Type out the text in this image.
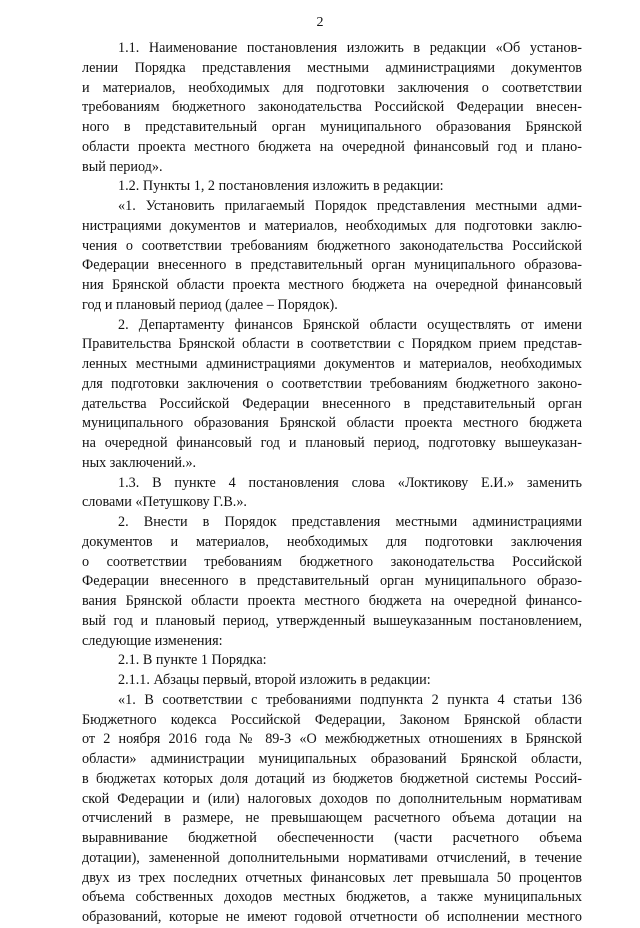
2
1.1. Наименование постановления изложить в редакции «Об установ-
лении Порядка представления местными администрациями документов
и материалов, необходимых для подготовки заключения о соответствии
требованиям бюджетного законодательства Российской Федерации внесен-
ного в представительный орган муниципального образования Брянской
области проекта местного бюджета на очередной финансовый год и плано-
вый период».
1.2. Пункты 1, 2 постановления изложить в редакции:
«1. Установить прилагаемый Порядок представления местными адми-
нистрациями документов и материалов, необходимых для подготовки заклю-
чения о соответствии требованиям бюджетного законодательства Российской
Федерации внесенного в представительный орган муниципального образова-
ния Брянской области проекта местного бюджета на очередной финансовый
год и плановый период (далее – Порядок).
2. Департаменту финансов Брянской области осуществлять от имени
Правительства Брянской области в соответствии с Порядком прием представ-
ленных местными администрациями документов и материалов, необходимых
для подготовки заключения о соответствии требованиям бюджетного законо-
дательства Российской Федерации внесенного в представительный орган
муниципального образования Брянской области проекта местного бюджета
на очередной финансовый год и плановый период, подготовку вышеуказан-
ных заключений.».
1.3. В пункте 4 постановления слова «Локтикову Е.И.» заменить
словами «Петушкову Г.В.».
2. Внести в Порядок представления местными администрациями
документов и материалов, необходимых для подготовки заключения
о соответствии требованиям бюджетного законодательства Российской
Федерации внесенного в представительный орган муниципального образо-
вания Брянской области проекта местного бюджета на очередной финансо-
вый год и плановый период, утвержденный вышеуказанным постановлением,
следующие изменения:
2.1. В пункте 1 Порядка:
2.1.1. Абзацы первый, второй изложить в редакции:
«1. В соответствии с требованиями подпункта 2 пункта 4 статьи 136
Бюджетного кодекса Российской Федерации, Законом Брянской области
от 2 ноября 2016 года № 89-З «О межбюджетных отношениях в Брянской
области» администрации муниципальных образований Брянской области,
в бюджетах которых доля дотаций из бюджетов бюджетной системы Россий-
ской Федерации и (или) налоговых доходов по дополнительным нормативам
отчислений в размере, не превышающем расчетного объема дотации на
выравнивание бюджетной обеспеченности (части расчетного объема
дотации), замененной дополнительными нормативами отчислений, в течение
двух из трех последних отчетных финансовых лет превышала 50 процентов
объема собственных доходов местных бюджетов, а также муниципальных
образований, которые не имеют годовой отчетности об исполнении местного
